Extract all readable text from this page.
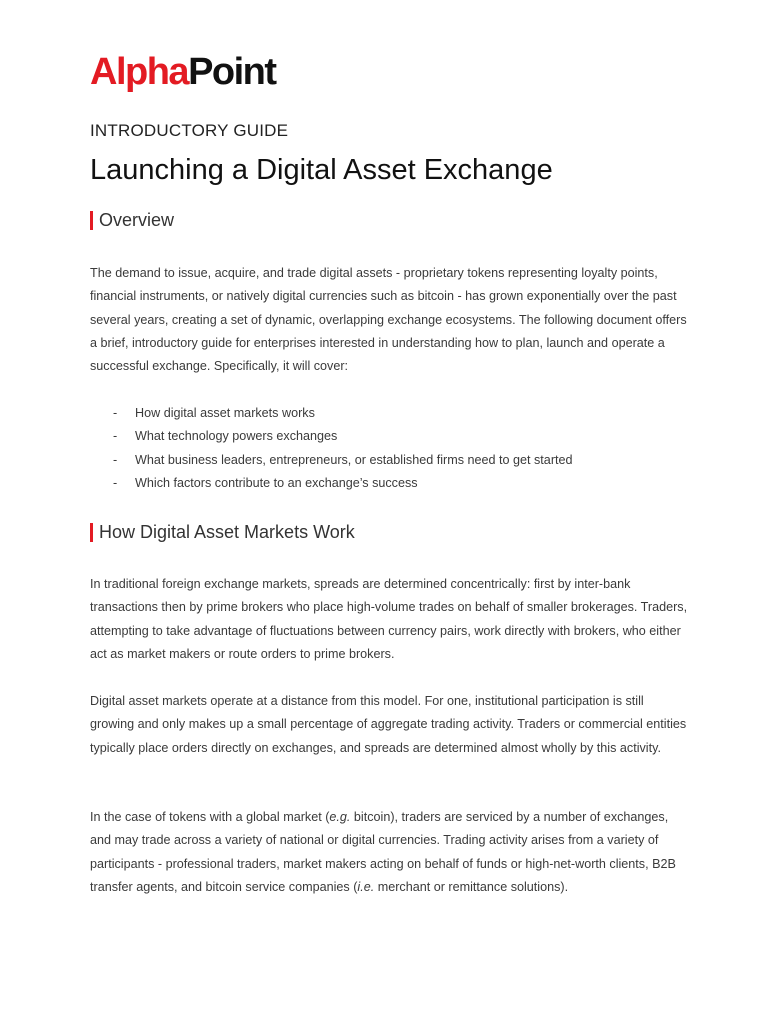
AlphaPoint
INTRODUCTORY GUIDE
Launching a Digital Asset Exchange
Overview

The demand to issue, acquire, and trade digital assets - proprietary tokens representing loyalty points, financial instruments, or natively digital currencies such as bitcoin - has grown exponentially over the past several years, creating a set of dynamic, overlapping exchange ecosystems. The following document offers a brief, introductory guide for enterprises interested in understanding how to plan, launch and operate a successful exchange. Specifically, it will cover:

-	How digital asset markets works
-	What technology powers exchanges
-	What business leaders, entrepreneurs, or established firms need to get started
-	Which factors contribute to an exchange’s success
How Digital Asset Markets Work

In traditional foreign exchange markets, spreads are determined concentrically: first by inter-bank transactions then by prime brokers who place high-volume trades on behalf of smaller brokerages. Traders, attempting to take advantage of fluctuations between currency pairs, work directly with brokers, who either act as market makers or route orders to prime brokers.

Digital asset markets operate at a distance from this model. For one, institutional participation is still growing and only makes up a small percentage of aggregate trading activity. Traders or commercial entities typically place orders directly on exchanges, and spreads are determined almost wholly by this activity.

In the case of tokens with a global market (e.g. bitcoin), traders are serviced by a number of exchanges, and may trade across a variety of national or digital currencies. Trading activity arises from a variety of participants - professional traders, market makers acting on behalf of funds or high-net-worth clients, B2B transfer agents, and bitcoin service companies (i.e. merchant or remittance solutions).
